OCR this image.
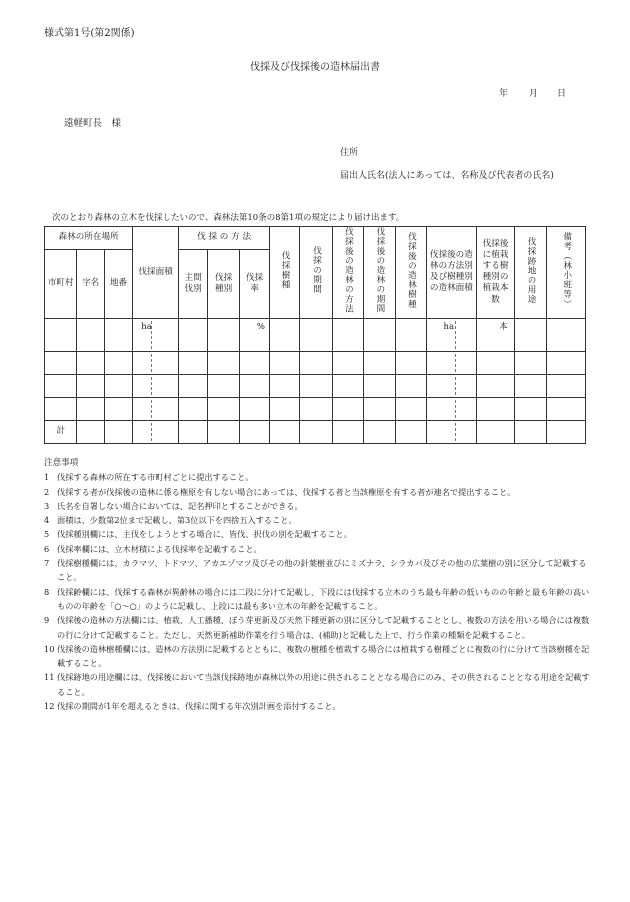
様式第1号(第2関係)
伐採及び伐採後の造林届出書
年 月 日
遠軽町長　様
住所
届出人氏名(法人にあっては、名称及び代表者の氏名)
次のとおり森林の立木を伐採したいので、森林法第10条の8第1項の規定により届け出ます。
森林の所在場所			伐採面積	伐 採 の 方 法			伐採樹種	伐採の期間	伐採後の造林の方法	伐採後の造林の期間	伐採後の造林樹種	伐採後の造林の方法別及び樹種別の造林面積	伐採後に植栽する樹種別の植栽本数	伐採跡地の用途	備考（林小班等）
市町村	字名	地番		主間伐別	伐採種別	伐採率									

			ha			%						ha	本		

計			

注意事項
1 伐採する森林の所在する市町村ごとに提出すること。
2 伐採する者が伐採後の造林に係る権原を有しない場合にあっては、伐採する者と当該権原を有する者が連名で提出すること。
3 氏名を自署しない場合においては、記名押印とすることができる。
4 面積は、少数第2位まで記載し、第3位以下を四捨五入すること。
5 伐採種別欄には、主伐をしようとする場合に、皆伐、択伐の別を記載すること。
6 伐採率欄には、立木材積による伐採率を記載すること。
7 伐採樹種欄には、カラマツ、トドマツ、アカエゾマツ及びその他の針葉樹並びにミズナラ、シラカバ及びその他の広葉樹の別に区分して記載すること。
8 伐採齢欄には、伐採する森林が異齢林の場合には二段に分けて記載し、下段には伐採する立木のうち最も年齢の低いものの年齢と最も年齢の高いものの年齢を「○～○」のように記載し、上段には最も多い立木の年齢を記載すること。
9 伐採後の造林の方法欄には、植栽、人工播種、ぼう芽更新及び天然下種更新の別に区分して記載することとし、複数の方法を用いる場合には複数の行に分けて記載すること。ただし、天然更新補助作業を行う場合は、(補助)と記載した上で、行う作業の種類を記載すること。
10 伐採後の造林樹種欄には、造林の方法別に記載するとともに、複数の樹種を植栽する場合には植栽する樹種ごとに複数の行に分けて当該樹種を記載すること。
11 伐採跡地の用途欄には、伐採後において当該伐採跡地が森林以外の用途に供されることとなる場合にのみ、その供されることとなる用途を記載すること。
12 伐採の期間が1年を超えるときは、伐採に関する年次別計画を添付すること。
